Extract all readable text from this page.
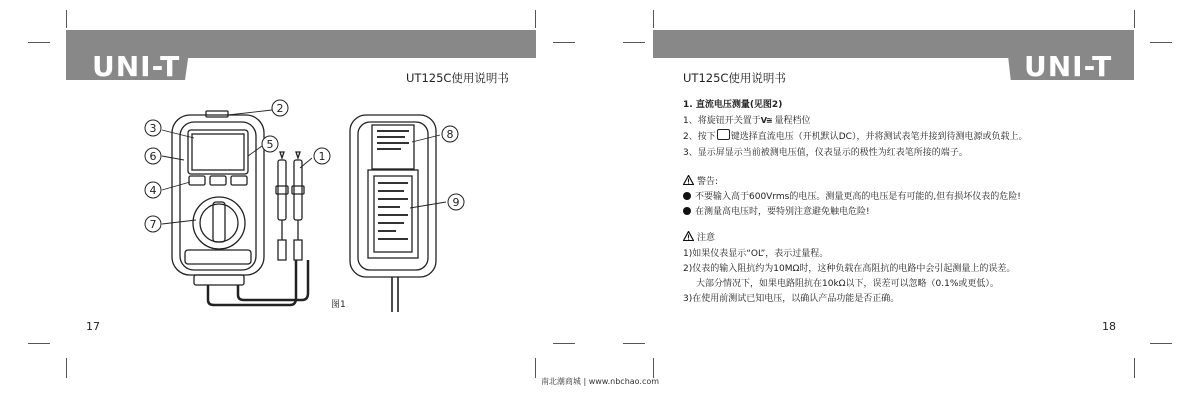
UNI-T	UT125C使用说明书
3
6
4
7
5
2
1
8
9
图1
17
UNI-T
UT125C使用说明书

1. 直流电压测量(见图2)

1、将旋钮开关置于V≅ 量程档位

2、按下 键选择直流电压（开机默认DC），并将测试表笔并接到待测电源或负载上。

3、显示屏显示当前被测电压值，仪表显示的极性为红表笔所接的端子。

警告:

不要输入高于600Vrms的电压。测量更高的电压是有可能的,但有损坏仪表的危险!

在测量高电压时，要特别注意避免触电危险!

注意

1)如果仪表显示“OL”，表示过量程。

2)仪表的输入阻抗约为10MΩ时，这种负载在高阻抗的电路中会引起测量上的误差。

大部分情况下，如果电路阻抗在10kΩ以下，误差可以忽略（0.1%或更低）。

3)在使用前测试已知电压，以确认产品功能是否正确。

18
南北潮商城 | www.nbchao.com
